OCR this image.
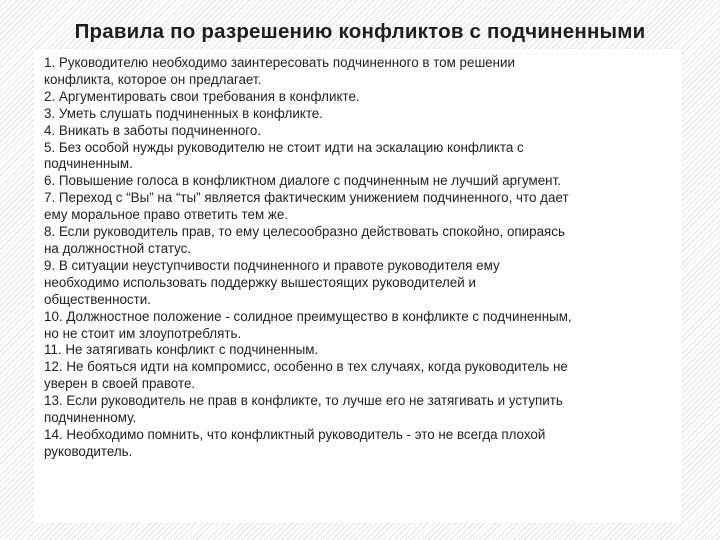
Правила по разрешению конфликтов с подчиненными
1. Руководителю необходимо заинтересовать подчиненного в том решении
конфликта, которое он предлагает.
2. Аргументировать свои требования в конфликте.
3. Уметь слушать подчиненных в конфликте.
4. Вникать в заботы подчиненного.
5. Без особой нужды руководителю не стоит идти на эскалацию конфликта с
подчиненным.
6. Повышение голоса в конфликтном диалоге с подчиненным не лучший аргумент.
7. Переход с “Вы” на “ты” является фактическим унижением подчиненного, что дает
ему моральное право ответить тем же.
8. Если руководитель прав, то ему целесообразно действовать спокойно, опираясь
на должностной статус.
9. В ситуации неуступчивости подчиненного и правоте руководителя ему
необходимо использовать поддержку вышестоящих руководителей и
общественности.
10. Должностное положение - солидное преимущество в конфликте с подчиненным,
но не стоит им злоупотреблять.
11. Не затягивать конфликт с подчиненным.
12. Не бояться идти на компромисс, особенно в тех случаях, когда руководитель не
уверен в своей правоте.
13. Если руководитель не прав в конфликте, то лучше его не затягивать и уступить
подчиненному.
14. Необходимо помнить, что конфликтный руководитель - это не всегда плохой
руководитель.
